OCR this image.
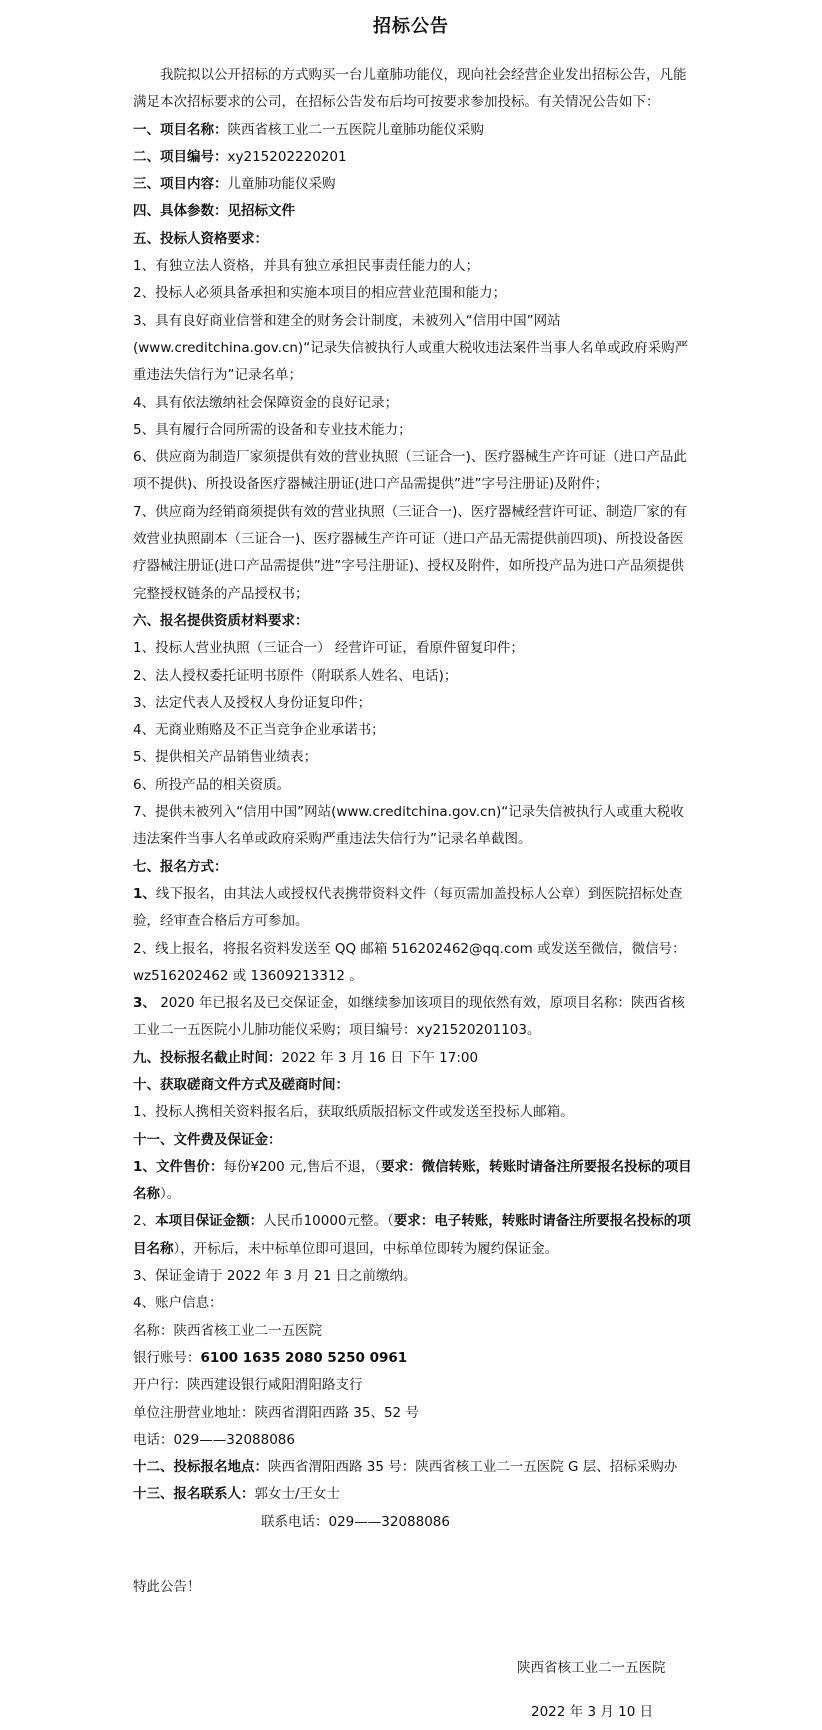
招标公告

我院拟以公开招标的方式购买一台儿童肺功能仪，现向社会经营企业发出招标公告，凡能满足本次招标要求的公司，在招标公告发布后均可按要求参加投标。有关情况公告如下：

一、项目名称：陕西省核工业二一五医院儿童肺功能仪采购

二、项目编号：xy215202220201

三、项目内容：儿童肺功能仪采购

四、具体参数：见招标文件

五、投标人资格要求：

1、有独立法人资格，并具有独立承担民事责任能力的人；

2、投标人必须具备承担和实施本项目的相应营业范围和能力；

3、具有良好商业信誉和建全的财务会计制度，未被列入“信用中国”网站(www.creditchina.gov.cn)“记录失信被执行人或重大税收违法案件当事人名单或政府采购严重违法失信行为”记录名单；

4、具有依法缴纳社会保障资金的良好记录；

5、具有履行合同所需的设备和专业技术能力；

6、供应商为制造厂家须提供有效的营业执照（三证合一)、医疗器械生产许可证（进口产品此项不提供)、所投设备医疗器械注册证(进口产品需提供”进”字号注册证)及附件；

7、供应商为经销商须提供有效的营业执照（三证合一)、医疗器械经营许可证、制造厂家的有效营业执照副本（三证合一)、医疗器械生产许可证（进口产品无需提供前四项)、所投设备医疗器械注册证(进口产品需提供”进”字号注册证)、授权及附件，如所投产品为进口产品须提供完整授权链条的产品授权书；

六、报名提供资质材料要求：

1、投标人营业执照（三证合一） 经营许可证，看原件留复印件；

2、法人授权委托证明书原件（附联系人姓名、电话)；

3、法定代表人及授权人身份证复印件；

4、无商业贿赂及不正当竞争企业承诺书；

5、提供相关产品销售业绩表；

6、所投产品的相关资质。

7、提供未被列入“信用中国”网站(www.creditchina.gov.cn)“记录失信被执行人或重大税收违法案件当事人名单或政府采购严重违法失信行为”记录名单截图。

七、报名方式：

1、线下报名，由其法人或授权代表携带资料文件（每页需加盖投标人公章）到医院招标处查验，经审查合格后方可参加。

2、线上报名，将报名资料发送至 QQ 邮箱 516202462@qq.com 或发送至微信，微信号：wz516202462 或 13609213312 。

3、 2020 年已报名及已交保证金，如继续参加该项目的现依然有效，原项目名称：陕西省核工业二一五医院小儿肺功能仪采购；项目编号：xy21520201103。

九、投标报名截止时间：2022 年 3 月 16 日 下午 17:00

十、获取磋商文件方式及磋商时间：

1、投标人携相关资料报名后，获取纸质版招标文件或发送至投标人邮箱。

十一、文件费及保证金：

1、文件售价：每份¥200 元,售后不退，（要求：微信转账，转账时请备注所要报名投标的项目名称）。

2、本项目保证金额：人民币10000元整。（要求：电子转账，转账时请备注所要报名投标的项目名称），开标后，未中标单位即可退回，中标单位即转为履约保证金。

3、保证金请于 2022 年 3 月 21 日之前缴纳。

4、账户信息：

名称：陕西省核工业二一五医院

银行账号：6100 1635 2080 5250 0961

开户行：陕西建设银行咸阳渭阳路支行

单位注册营业地址：陕西省渭阳西路 35、52 号

电话：029——32088086

十二、投标报名地点：陕西省渭阳西路 35 号：陕西省核工业二一五医院 G 层、招标采购办

十三、报名联系人：郭女士/王女士

联系电话：029——32088086

特此公告！
陕西省核工业二一五医院
2022 年 3 月 10 日
